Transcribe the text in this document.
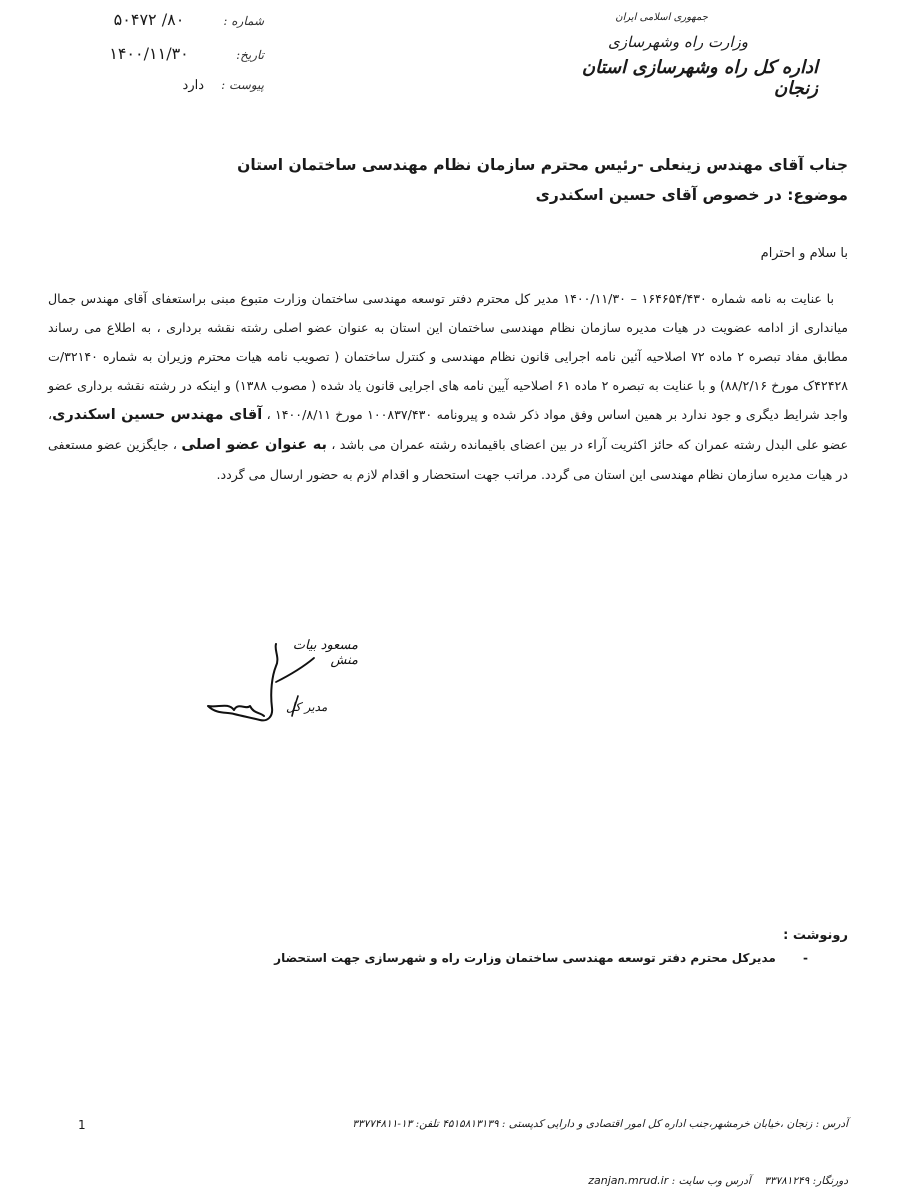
شماره :
۸۰/ ۵۰۴۷۲
تاریخ:
۱۴۰۰/۱۱/۳۰
پیوست :
دارد
جمهوری اسلامی ایران
وزارت راه وشهرسازی
اداره کل راه وشهرسازی استان زنجان
جناب آقای مهندس زینعلی -رئیس محترم سازمان نظام مهندسی ساختمان استان
موضوع: در خصوص آقای حسین اسکندری
با سلام و احترام

با عنایت به نامه شماره ۱۶۴۶۵۴/۴۳۰ – ۱۴۰۰/۱۱/۳۰ مدیر کل محترم دفتر توسعه مهندسی ساختمان وزارت متبوع مبنی براستعفای آقای مهندس جمال میانداری از ادامه عضویت در هیات مدیره سازمان نظام مهندسی ساختمان این استان به عنوان عضو اصلی رشته نقشه برداری ، به اطلاع می رساند مطابق مفاد تبصره ۲ ماده ۷۲ اصلاحیه آئین نامه اجرایی قانون نظام مهندسی و کنترل ساختمان ( تصویب نامه هیات محترم وزیران به شماره ۳۲۱۴۰/ت ۴۲۴۲۸ک مورخ ۸۸/۲/۱۶) و با عنایت به تبصره ۲ ماده ۶۱ اصلاحیه آیین نامه های اجرایی قانون یاد شده ( مصوب ۱۳۸۸) و اینکه در رشته نقشه برداری عضو واجد شرایط دیگری و جود ندارد بر همین اساس وفق مواد ذکر شده و پیرونامه ۱۰۰۸۳۷/۴۳۰ مورخ ۱۴۰۰/۸/۱۱ ، آقای مهندس حسین اسکندری، عضو علی البدل رشته عمران که حائز اکثریت آراء در بین اعضای باقیمانده رشته عمران می باشد ، به عنوان عضو اصلی ، جایگزین عضو مستعفی در هیات مدیره سازمان نظام مهندسی این استان می گردد. مراتب جهت استحضار و اقدام لازم به حضور ارسال می گردد.

مسعود بیات منش
مدیر کل
رونوشت :
- مدیرکل محترم دفتر توسعه مهندسی ساختمان وزارت راه و شهرسازی جهت استحضار
آدرس : زنجان ،خیابان خرمشهر،جنب اداره کل امور اقتصادی و دارایی کدپستی : ۴۵۱۵۸۱۳۱۳۹ تلفن: ۱۳-۳۳۷۷۴۸۱۱
1
دورنگار: ۳۳۷۸۱۲۴۹    آدرس وب سایت : zanjan.mrud.ir
